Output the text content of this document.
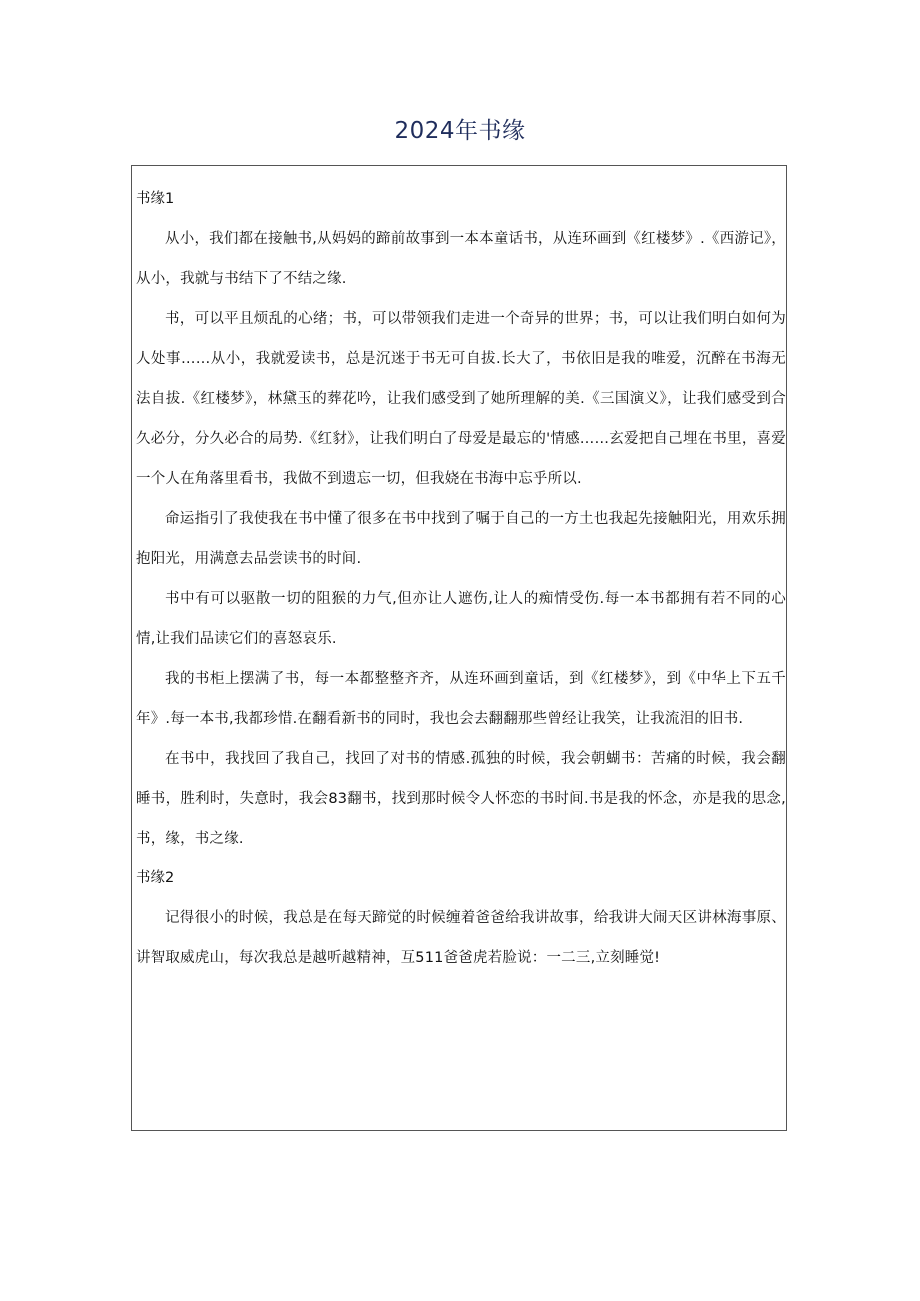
2024年书缘

书缘1

从小，我们都在接触书,从妈妈的蹄前故事到一本本童话书，从连环画到《红楼梦》.《西游记》，从小，我就与书结下了不结之缘.

书，可以平且烦乱的心绪；书，可以带领我们走进一个奇异的世界；书，可以让我们明白如何为人处事……从小，我就爱读书，总是沉迷于书无可自拔.长大了，书依旧是我的唯爱，沉醉在书海无法自拔.《红楼梦》，林黛玉的葬花吟，让我们感受到了她所理解的美.《三国演义》，让我们感受到合久必分，分久必合的局势.《红豺》，让我们明白了母爱是最忘的'情感……玄爱把自己埋在书里，喜爱一个人在角落里看书，我做不到遗忘一切，但我娆在书海中忘乎所以.

命运指引了我使我在书中懂了很多在书中找到了嘱于自己的一方土也我起先接触阳光，用欢乐拥抱阳光，用满意去品尝读书的时间.

书中有可以驱散一切的阻猴的力气,但亦让人遮伤,让人的痴情受伤.每一本书都拥有若不同的心情,让我们品读它们的喜怒哀乐.

我的书柜上摆满了书，每一本都整整齐齐，从连环画到童话，到《红楼梦》，到《中华上下五千年》.每一本书,我都珍惜.在翻看新书的同时，我也会去翻翻那些曾经让我笑，让我流泪的旧书.

在书中，我找回了我自己，找回了对书的情感.孤独的时候，我会朝蝴书：苦痛的时候，我会翻睡书，胜利时，失意时，我会83翻书，找到那时候令人怀恋的书时间.书是我的怀念，亦是我的思念,书，缘，书之缘.

书缘2

记得很小的时候，我总是在每天蹄觉的时候缠着爸爸给我讲故事，给我讲大闹天区讲林海事原、讲智取威虎山，每次我总是越听越精神，互511爸爸虎若脸说：一二三,立刻睡觉!
